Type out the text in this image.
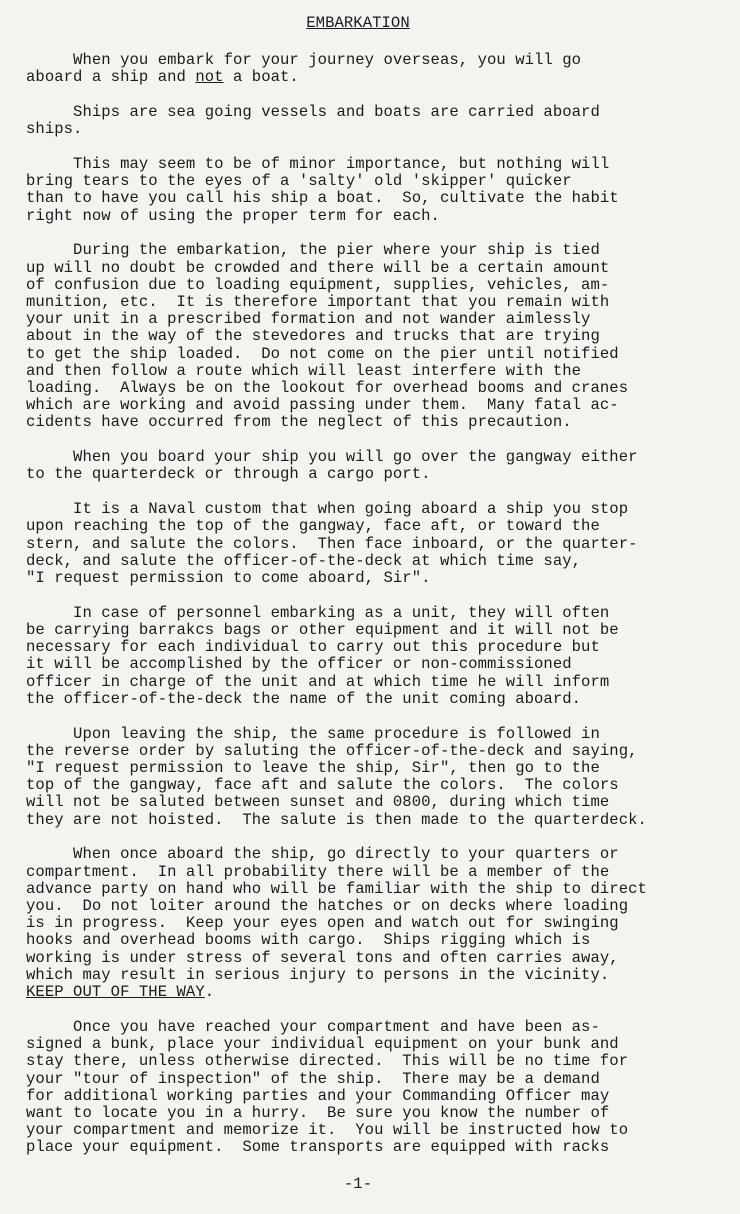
EMBARKATION

When you embark for your journey overseas, you will go
aboard a ship and not a boat.

Ships are sea going vessels and boats are carried aboard
ships.

This may seem to be of minor importance, but nothing will
bring tears to the eyes of a 'salty' old 'skipper' quicker
than to have you call his ship a boat.  So, cultivate the habit
right now of using the proper term for each.

During the embarkation, the pier where your ship is tied
up will no doubt be crowded and there will be a certain amount
of confusion due to loading equipment, supplies, vehicles, am-
munition, etc.  It is therefore important that you remain with
your unit in a prescribed formation and not wander aimlessly
about in the way of the stevedores and trucks that are trying
to get the ship loaded.  Do not come on the pier until notified
and then follow a route which will least interfere with the
loading.  Always be on the lookout for overhead booms and cranes
which are working and avoid passing under them.  Many fatal ac-
cidents have occurred from the neglect of this precaution.

When you board your ship you will go over the gangway either
to the quarterdeck or through a cargo port.

It is a Naval custom that when going aboard a ship you stop
upon reaching the top of the gangway, face aft, or toward the
stern, and salute the colors.  Then face inboard, or the quarter-
deck, and salute the officer-of-the-deck at which time say,
"I request permission to come aboard, Sir".

In case of personnel embarking as a unit, they will often
be carrying barrakcs bags or other equipment and it will not be
necessary for each individual to carry out this procedure but
it will be accomplished by the officer or non-commissioned
officer in charge of the unit and at which time he will inform
the officer-of-the-deck the name of the unit coming aboard.

Upon leaving the ship, the same procedure is followed in
the reverse order by saluting the officer-of-the-deck and saying,
"I request permission to leave the ship, Sir", then go to the
top of the gangway, face aft and salute the colors.  The colors
will not be saluted between sunset and 0800, during which time
they are not hoisted.  The salute is then made to the quarterdeck.

When once aboard the ship, go directly to your quarters or
compartment.  In all probability there will be a member of the
advance party on hand who will be familiar with the ship to direct
you.  Do not loiter around the hatches or on decks where loading
is in progress.  Keep your eyes open and watch out for swinging
hooks and overhead booms with cargo.  Ships rigging which is
working is under stress of several tons and often carries away,
which may result in serious injury to persons in the vicinity.
KEEP OUT OF THE WAY.

Once you have reached your compartment and have been as-
signed a bunk, place your individual equipment on your bunk and
stay there, unless otherwise directed.  This will be no time for
your "tour of inspection" of the ship.  There may be a demand
for additional working parties and your Commanding Officer may
want to locate you in a hurry.  Be sure you know the number of
your compartment and memorize it.  You will be instructed how to
place your equipment.  Some transports are equipped with racks

-1-
